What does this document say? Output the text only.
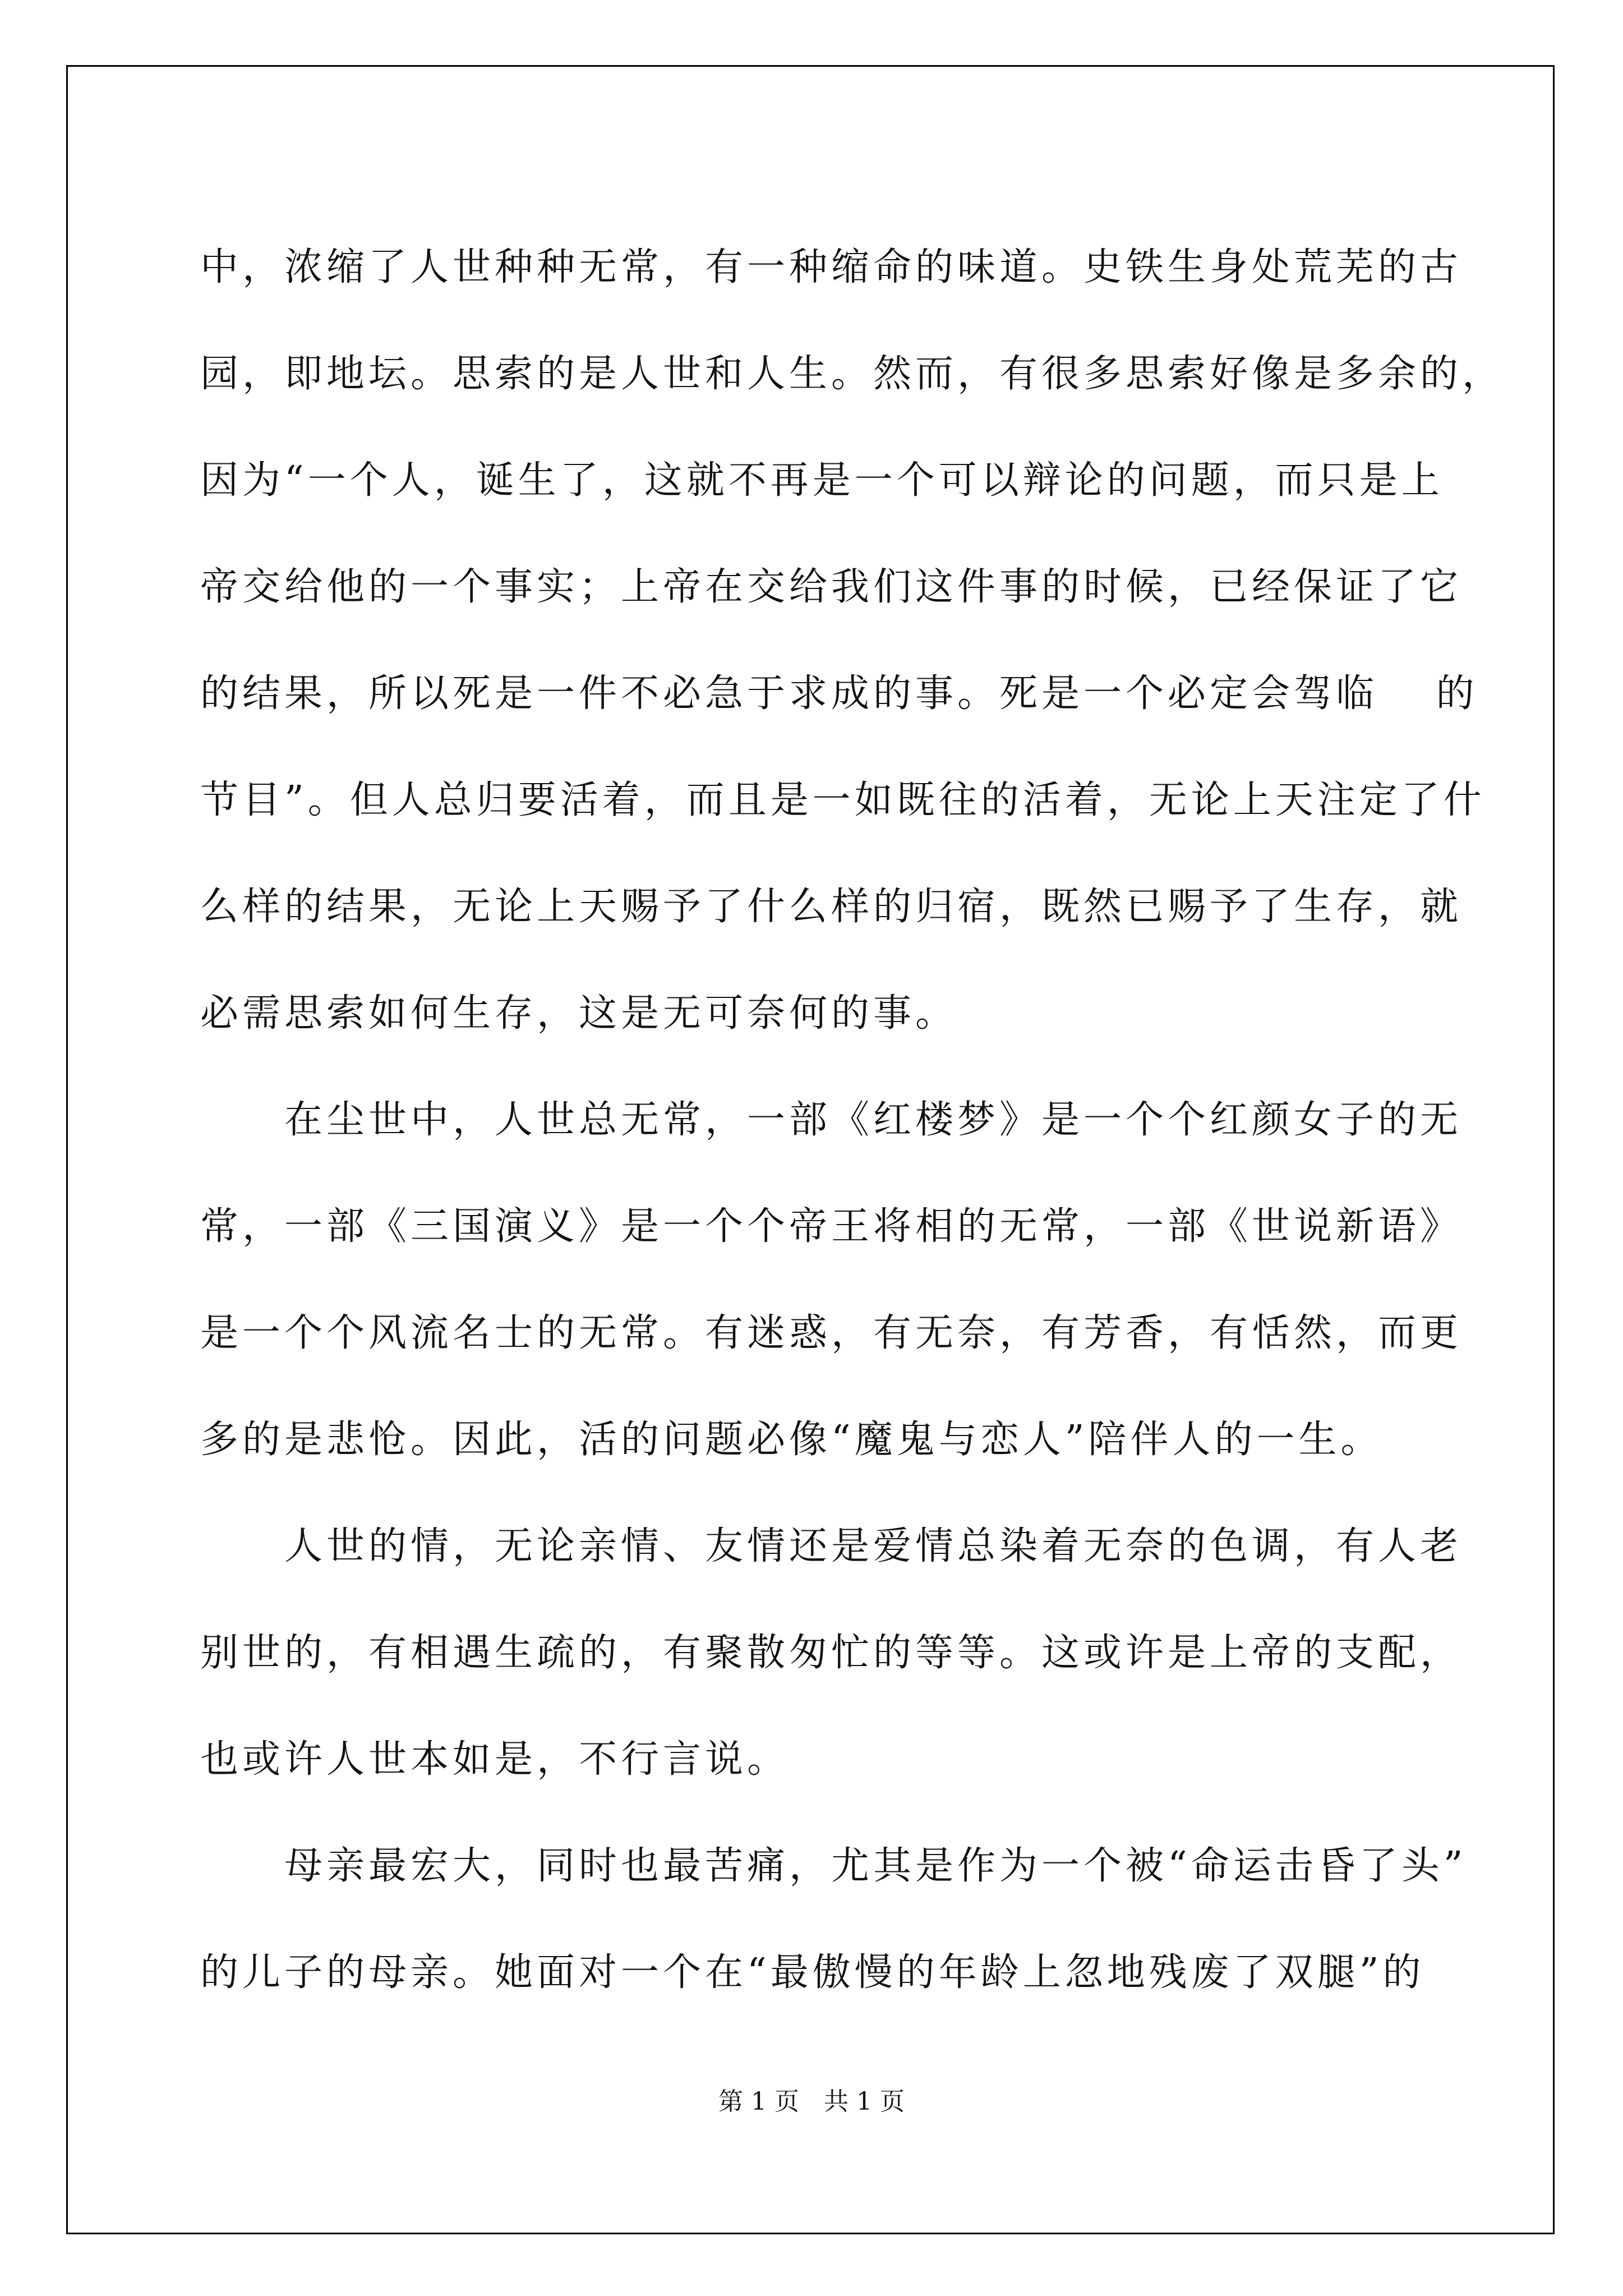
中，浓缩了人世种种无常，有一种缩命的味道。史铁生身处荒芜的古
园，即地坛。思索的是人世和人生。然而，有很多思索好像是多余的，
因为“一个人，诞生了，这就不再是一个可以辩论的问题，而只是上
帝交给他的一个事实；上帝在交给我们这件事的时候，已经保证了它
的结果，所以死是一件不必急于求成的事。死是一个必定会驾临　 的
节目”。但人总归要活着，而且是一如既往的活着，无论上天注定了什
么样的结果，无论上天赐予了什么样的归宿，既然已赐予了生存，就
必需思索如何生存，这是无可奈何的事。
　　在尘世中，人世总无常，一部《红楼梦》是一个个红颜女子的无
常，一部《三国演义》是一个个帝王将相的无常，一部《世说新语》
是一个个风流名士的无常。有迷惑，有无奈，有芳香，有恬然，而更
多的是悲怆。因此，活的问题必像“魔鬼与恋人”陪伴人的一生。
　　人世的情，无论亲情、友情还是爱情总染着无奈的色调，有人老
别世的，有相遇生疏的，有聚散匆忙的等等。这或许是上帝的支配，
也或许人世本如是，不行言说。
　　母亲最宏大，同时也最苦痛，尤其是作为一个被“命运击昏了头”
的儿子的母亲。她面对一个在“最傲慢的年龄上忽地残废了双腿”的
第 1 页　共 1 页
